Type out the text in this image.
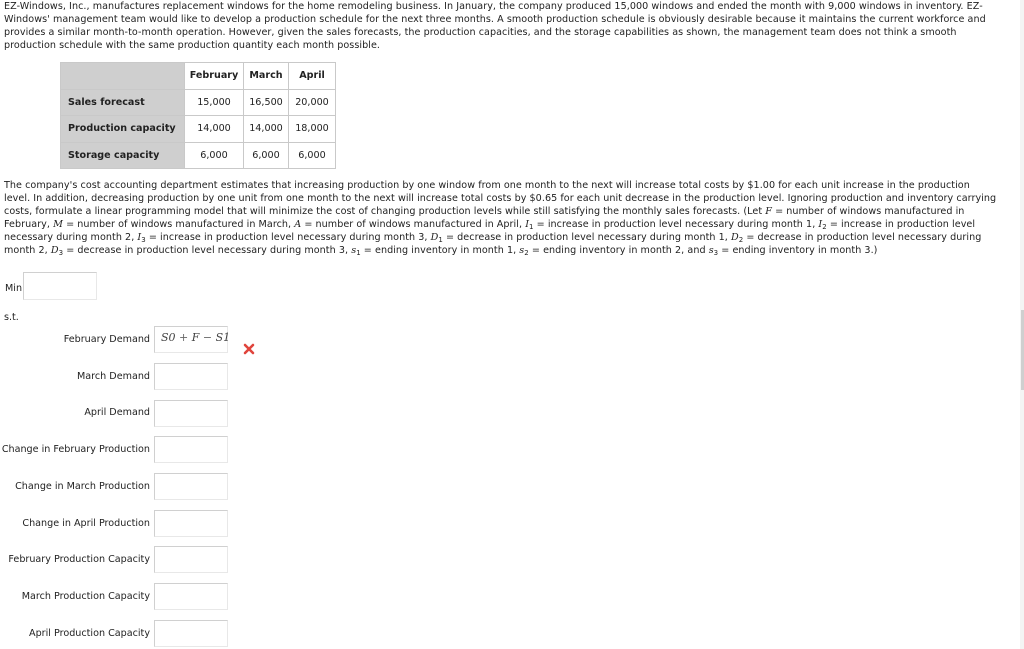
EZ-Windows, Inc., manufactures replacement windows for the home remodeling business. In January, the company produced 15,000 windows and ended the month with 9,000 windows in inventory. EZ-Windows' management team would like to develop a production schedule for the next three months. A smooth production schedule is obviously desirable because it maintains the current workforce and provides a similar month-to-month operation. However, given the sales forecasts, the production capacities, and the storage capabilities as shown, the management team does not think a smooth production schedule with the same production quantity each month possible.
	February	March	April
Sales forecast	15,000	16,500	20,000
Production capacity	14,000	14,000	18,000
Storage capacity	6,000	6,000	6,000
The company's cost accounting department estimates that increasing production by one window from one month to the next will increase total costs by $1.00 for each unit increase in the production level. In addition, decreasing production by one unit from one month to the next will increase total costs by $0.65 for each unit decrease in the production level. Ignoring production and inventory carrying costs, formulate a linear programming model that will minimize the cost of changing production levels while still satisfying the monthly sales forecasts. (Let F = number of windows manufactured in February, M = number of windows manufactured in March, A = number of windows manufactured in April, $I_1$ = increase in production level necessary during month 1, $I_2$ = increase in production level necessary during month 2, $I_3$ = increase in production level necessary during month 3, $D_1$ = decrease in production level necessary during month 1, $D_2$ = decrease in production level necessary during month 2, $D_3$ = decrease in production level necessary during month 3, $s_1$ = ending inventory in month 1, $s_2$ = ending inventory in month 2, and $s_3$ = ending inventory in month 3.)
Min
s.t.
February Demand S0 + F − S1
March Demand
April Demand
Change in February Production
Change in March Production
Change in April Production
February Production Capacity
March Production Capacity
April Production Capacity
